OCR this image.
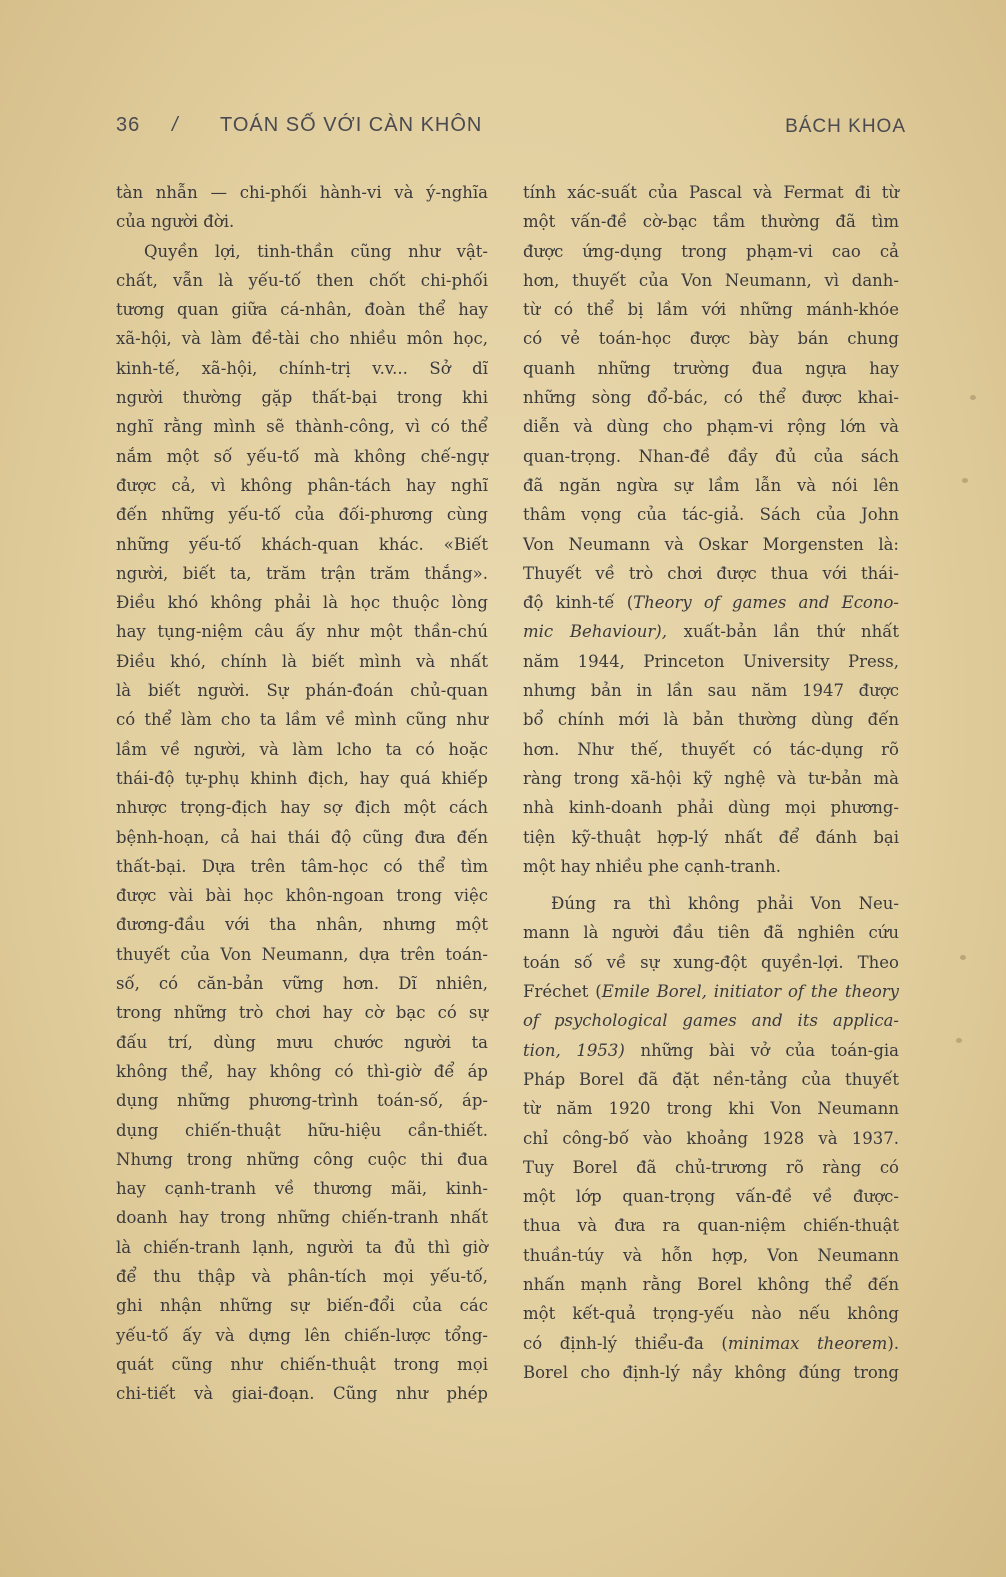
36 / TOÁN SỐ VỚI CÀN KHÔN	BÁCH KHOA

tàn nhẫn — chi-phối hành-vi và ý-nghĩa

của người đời.

Quyền lợi, tinh-thần cũng như vật-

chất, vẫn là yếu-tố then chốt chi-phối

tương quan giữa cá-nhân, đoàn thể hay

xã-hội, và làm đề-tài cho nhiều môn học,

kinh-tế, xã-hội, chính-trị v.v... Sở dĩ

người thường gặp thất-bại trong khi

nghĩ rằng mình sẽ thành-công, vì có thể

nắm một số yếu-tố mà không chế-ngự

được cả, vì không phân-tách hay nghĩ

đến những yếu-tố của đối-phương cùng

những yếu-tố khách-quan khác. «Biết

người, biết ta, trăm trận trăm thắng».

Điều khó không phải là học thuộc lòng

hay tụng-niệm câu ấy như một thần-chú

Điều khó, chính là biết mình và nhất

là biết người. Sự phán-đoán chủ-quan

có thể làm cho ta lầm về mình cũng như

lầm về người, và làm lcho ta có hoặc

thái-độ tự-phụ khinh địch, hay quá khiếp

nhược trọng-địch hay sợ địch một cách

bệnh-hoạn, cả hai thái độ cũng đưa đến

thất-bại. Dựa trên tâm-học có thể tìm

được vài bài học khôn-ngoan trong việc

đương-đầu với tha nhân, nhưng một

thuyết của Von Neumann, dựa trên toán-

số, có căn-bản vững hơn. Dĩ nhiên,

trong những trò chơi hay cờ bạc có sự

đấu trí, dùng mưu chước người ta

không thể, hay không có thì-giờ để áp

dụng những phương-trình toán-số, áp-

dụng chiến-thuật hữu-hiệu cần-thiết.

Nhưng trong những công cuộc thi đua

hay cạnh-tranh về thương mãi, kinh-

doanh hay trong những chiến-tranh nhất

là chiến-tranh lạnh, người ta đủ thì giờ

để thu thập và phân-tích mọi yếu-tố,

ghi nhận những sự biến-đổi của các

yếu-tố ấy và dựng lên chiến-lược tổng-

quát cũng như chiến-thuật trong mọi

chi-tiết và giai-đoạn. Cũng như phép

tính xác-suất của Pascal và Fermat đi từ

một vấn-đề cờ-bạc tầm thường đã tìm

được ứng-dụng trong phạm-vi cao cả

hơn, thuyết của Von Neumann, vì danh-

từ có thể bị lầm với những mánh-khóe

có vẻ toán-học được bày bán chung

quanh những trường đua ngựa hay

những sòng đổ-bác, có thể được khai-

diễn và dùng cho phạm-vi rộng lớn và

quan-trọng. Nhan-đề đầy đủ của sách

đã ngăn ngừa sự lầm lẫn và nói lên

thâm vọng của tác-giả. Sách của John

Von Neumann và Oskar Morgensten là:

Thuyết về trò chơi được thua với thái-

độ kinh-tế (Theory of games and Econo-

mic Behaviour), xuất-bản lần thứ nhất

năm 1944, Princeton University Press,

nhưng bản in lần sau năm 1947 được

bổ chính mới là bản thường dùng đến

hơn. Như thế, thuyết có tác-dụng rõ

ràng trong xã-hội kỹ nghệ và tư-bản mà

nhà kinh-doanh phải dùng mọi phương-

tiện kỹ-thuật hợp-lý nhất để đánh bại

một hay nhiều phe cạnh-tranh.

Đúng ra thì không phải Von Neu-

mann là người đầu tiên đã nghiên cứu

toán số về sự xung-đột quyền-lợi. Theo

Fréchet (Emile Borel, initiator of the theory

of psychological games and its applica-

tion, 1953) những bài vở của toán-gia

Pháp Borel đã đặt nền-tảng của thuyết

từ năm 1920 trong khi Von Neumann

chỉ công-bố vào khoảng 1928 và 1937.

Tuy Borel đã chủ-trương rõ ràng có

một lớp quan-trọng vấn-đề về được-

thua và đưa ra quan-niệm chiến-thuật

thuần-túy và hỗn hợp, Von Neumann

nhấn mạnh rằng Borel không thể đến

một kết-quả trọng-yếu nào nếu không

có định-lý thiểu-đa (minimax theorem).

Borel cho định-lý nầy không đúng trong
